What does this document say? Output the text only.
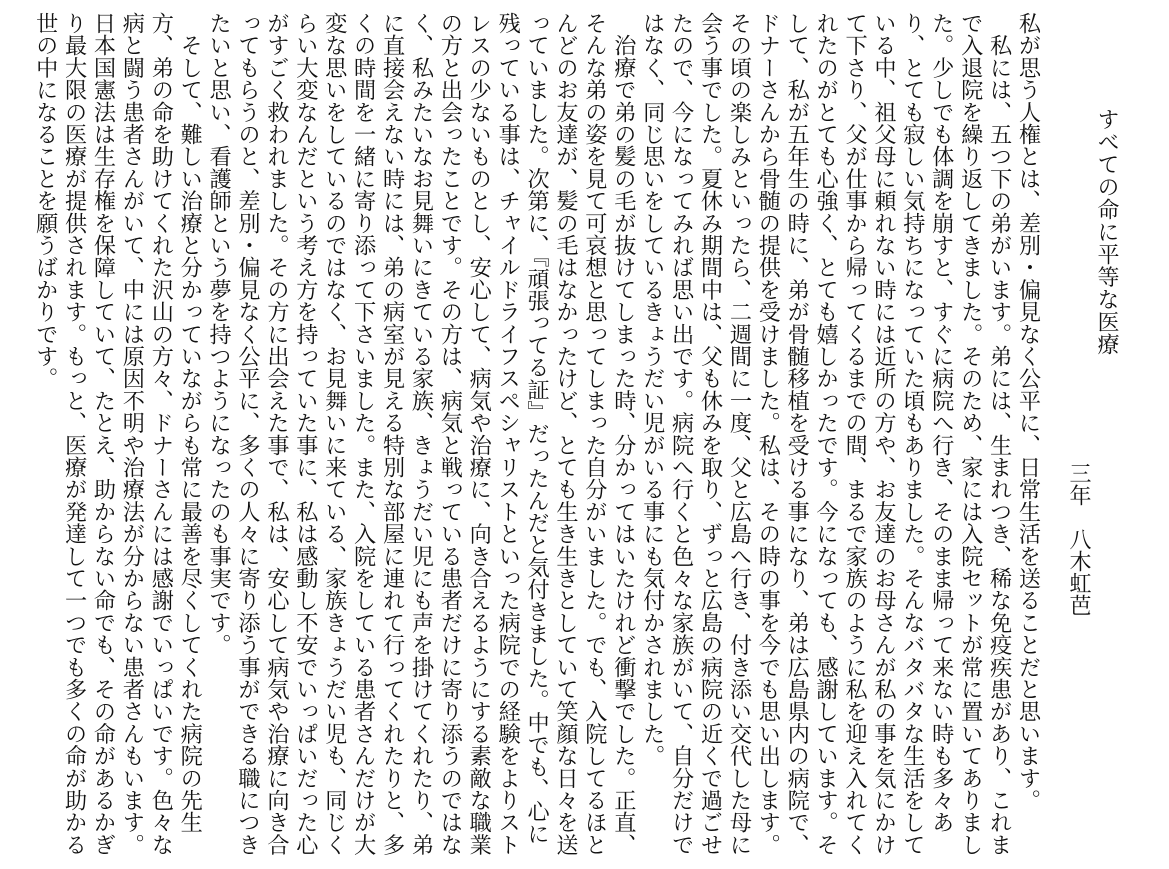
すべての命に平等な医療
三年　八木虹芭
私が思う人権とは、差別・偏見なく公平に、日常生活を送ることだと思います。
　私には、五つ下の弟がいます。弟には、生まれつき、稀な免疫疾患があり、これまで入退院を繰り返してきました。そのため、家には入院セットが常に置いてありました。少しでも体調を崩すと、すぐに病院へ行き、そのまま帰って来ない時も多々あり、とても寂しい気持ちになっていた頃もありました。そんなバタバタな生活をしている中、祖父母に頼れない時には近所の方や、お友達のお母さんが私の事を気にかけて下さり、父が仕事から帰ってくるまでの間、まるで家族のように私を迎え入れてくれたのがとても心強く、とても嬉しかったです。今になっても、感謝しています。そして、私が五年生の時に、弟が骨髄移植を受ける事になり、弟は広島県内の病院で、ドナーさんから骨髄の提供を受けました。私は、その時の事を今でも思い出します。その頃の楽しみといったら、二週間に一度、父と広島へ行き、付き添い交代した母に会う事でした。夏休み期間中は、父も休みを取り、ずっと広島の病院の近くで過ごせたので、今になってみれば思い出です。病院へ行くと色々な家族がいて、自分だけではなく、同じ思いをしているきょうだい児がいる事にも気付かされました。
　治療で弟の髪の毛が抜けてしまった時、分かってはいたけれど衝撃でした。正直、そんな弟の姿を見て可哀想と思ってしまった自分がいました。でも、入院してるほとんどのお友達が、髪の毛はなかったけど、とても生き生きとしていて笑顔な日々を送っていました。次第に、『頑張ってる証』だったんだと気付きました。中でも、心に残っている事は、チャイルドライフスペシャリストといった病院での経験をよりストレスの少ないものとし、安心して、病気や治療に、向き合えるようにする素敵な職業の方と出会ったことです。その方は、病気と戦っている患者だけに寄り添うのではなく、私みたいなお見舞いにきている家族、きょうだい児にも声を掛けてくれたり、弟に直接会えない時には、弟の病室が見える特別な部屋に連れて行ってくれたりと、多くの時間を一緒に寄り添って下さいました。また、入院をしている患者さんだけが大変な思いをしているのではなく、お見舞いに来ている、家族きょうだい児も、同じくらい大変なんだという考え方を持っていた事に、私は感動し不安でいっぱいだった心がすごく救われました。その方に出会えた事で、私は、安心して病気や治療に向き合ってもらうのと、差別・偏見なく公平に、多くの人々に寄り添う事ができる職につきたいと思い、看護師という夢を持つようになったのも事実です。
　そして、難しい治療と分かっていながらも常に最善を尽くしてくれた病院の先生方、弟の命を助けてくれた沢山の方々、ドナーさんには感謝でいっぱいです。色々な病と闘う患者さんがいて、中には原因不明や治療法が分からない患者さんもいます。日本国憲法は生存権を保障していて、たとえ、助からない命でも、その命があるかぎり最大限の医療が提供されます。もっと、医療が発達して一つでも多くの命が助かる世の中になることを願うばかりです。
